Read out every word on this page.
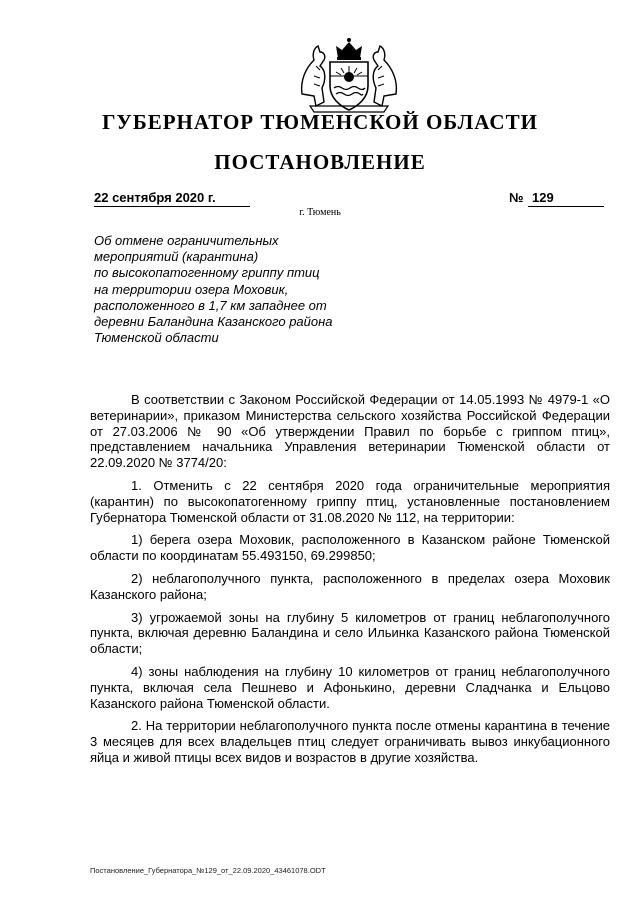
ГУБЕРНАТОР ТЮМЕНСКОЙ ОБЛАСТИ
ПОСТАНОВЛЕНИЕ
22 сентября 2020 г.	№ 129
г. Тюмень
Об отмене ограничительных
мероприятий (карантина)
по высокопатогенному гриппу птиц
на территории озера Моховик,
расположенного в 1,7 км западнее от
деревни Баландина Казанского района
Тюменской области

В соответствии с Законом Российской Федерации от 14.05.1993 № 4979-1 «О ветеринарии», приказом Министерства сельского хозяйства Российской Федерации от 27.03.2006 № 90 «Об утверждении Правил по борьбе с гриппом птиц», представлением начальника Управления ветеринарии Тюменской области от 22.09.2020 № 3774/20:

1. Отменить с 22 сентября 2020 года ограничительные мероприятия (карантин) по высокопатогенному гриппу птиц, установленные постановлением Губернатора Тюменской области от 31.08.2020 № 112, на территории:

1) берега озера Моховик, расположенного в Казанском районе Тюменской области по координатам 55.493150, 69.299850;

2) неблагополучного пункта, расположенного в пределах озера Моховик Казанского района;

3) угрожаемой зоны на глубину 5 километров от границ неблагополучного пункта, включая деревню Баландина и село Ильинка Казанского района Тюменской области;

4) зоны наблюдения на глубину 10 километров от границ неблагополучного пункта, включая села Пешнево и Афонькино, деревни Сладчанка и Ельцово Казанского района Тюменской области.

2. На территории неблагополучного пункта после отмены карантина в течение 3 месяцев для всех владельцев птиц следует ограничивать вывоз инкубационного яйца и живой птицы всех видов и возрастов в другие хозяйства.

Постановление_Губернатора_№129_от_22.09.2020_43461078.ODT
